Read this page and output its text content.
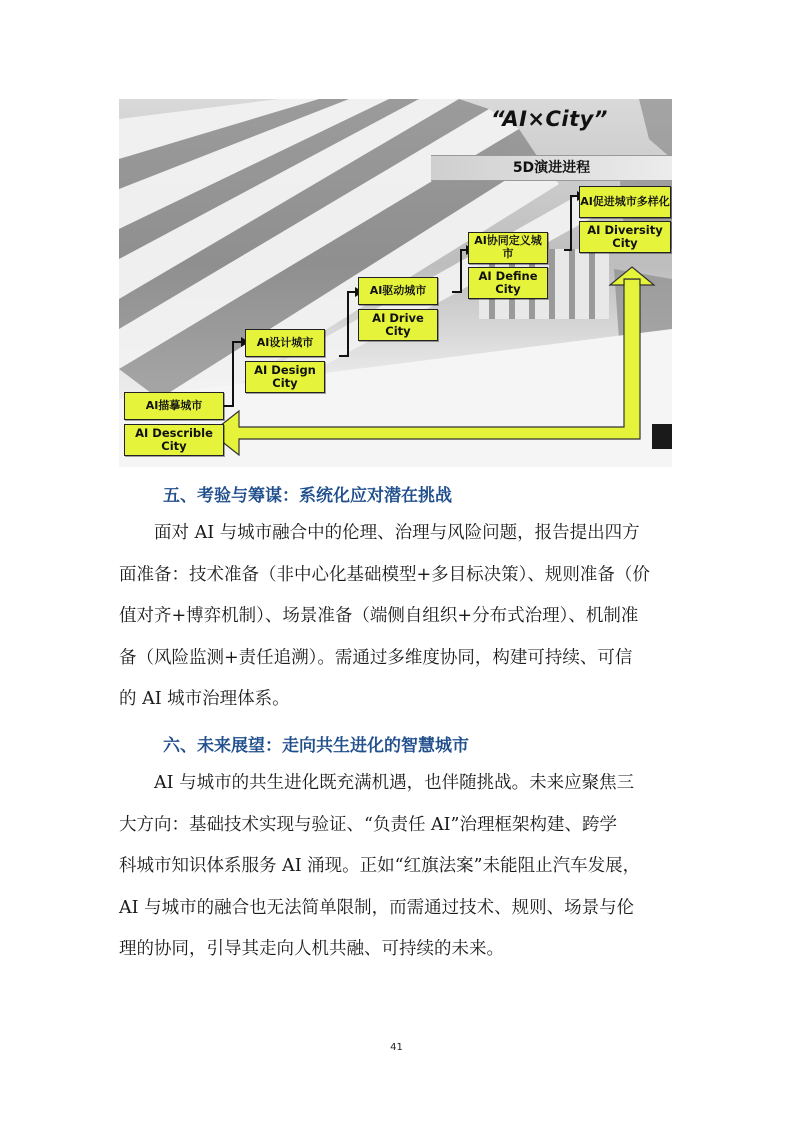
“AI×City”
5D演进进程
AI描摹城市
AI Describle City
AI设计城市
AI Design City
AI驱动城市
AI Drive City
AI协同定义城市
AI Define City
AI促进城市多样化
AI Diversity City
五、考验与筹谋：系统化应对潜在挑战
面对 AI 与城市融合中的伦理、治理与风险问题，报告提出四方
面准备：技术准备（非中心化基础模型+多目标决策）、规则准备（价
值对齐+博弈机制）、场景准备（端侧自组织+分布式治理）、机制准
备（风险监测+责任追溯）。需通过多维度协同，构建可持续、可信
的 AI 城市治理体系。
六、未来展望：走向共生进化的智慧城市
AI 与城市的共生进化既充满机遇，也伴随挑战。未来应聚焦三
大方向：基础技术实现与验证、“负责任 AI”治理框架构建、跨学
科城市知识体系服务 AI 涌现。正如“红旗法案”未能阻止汽车发展，
AI 与城市的融合也无法简单限制，而需通过技术、规则、场景与伦
理的协同，引导其走向人机共融、可持续的未来。
41
